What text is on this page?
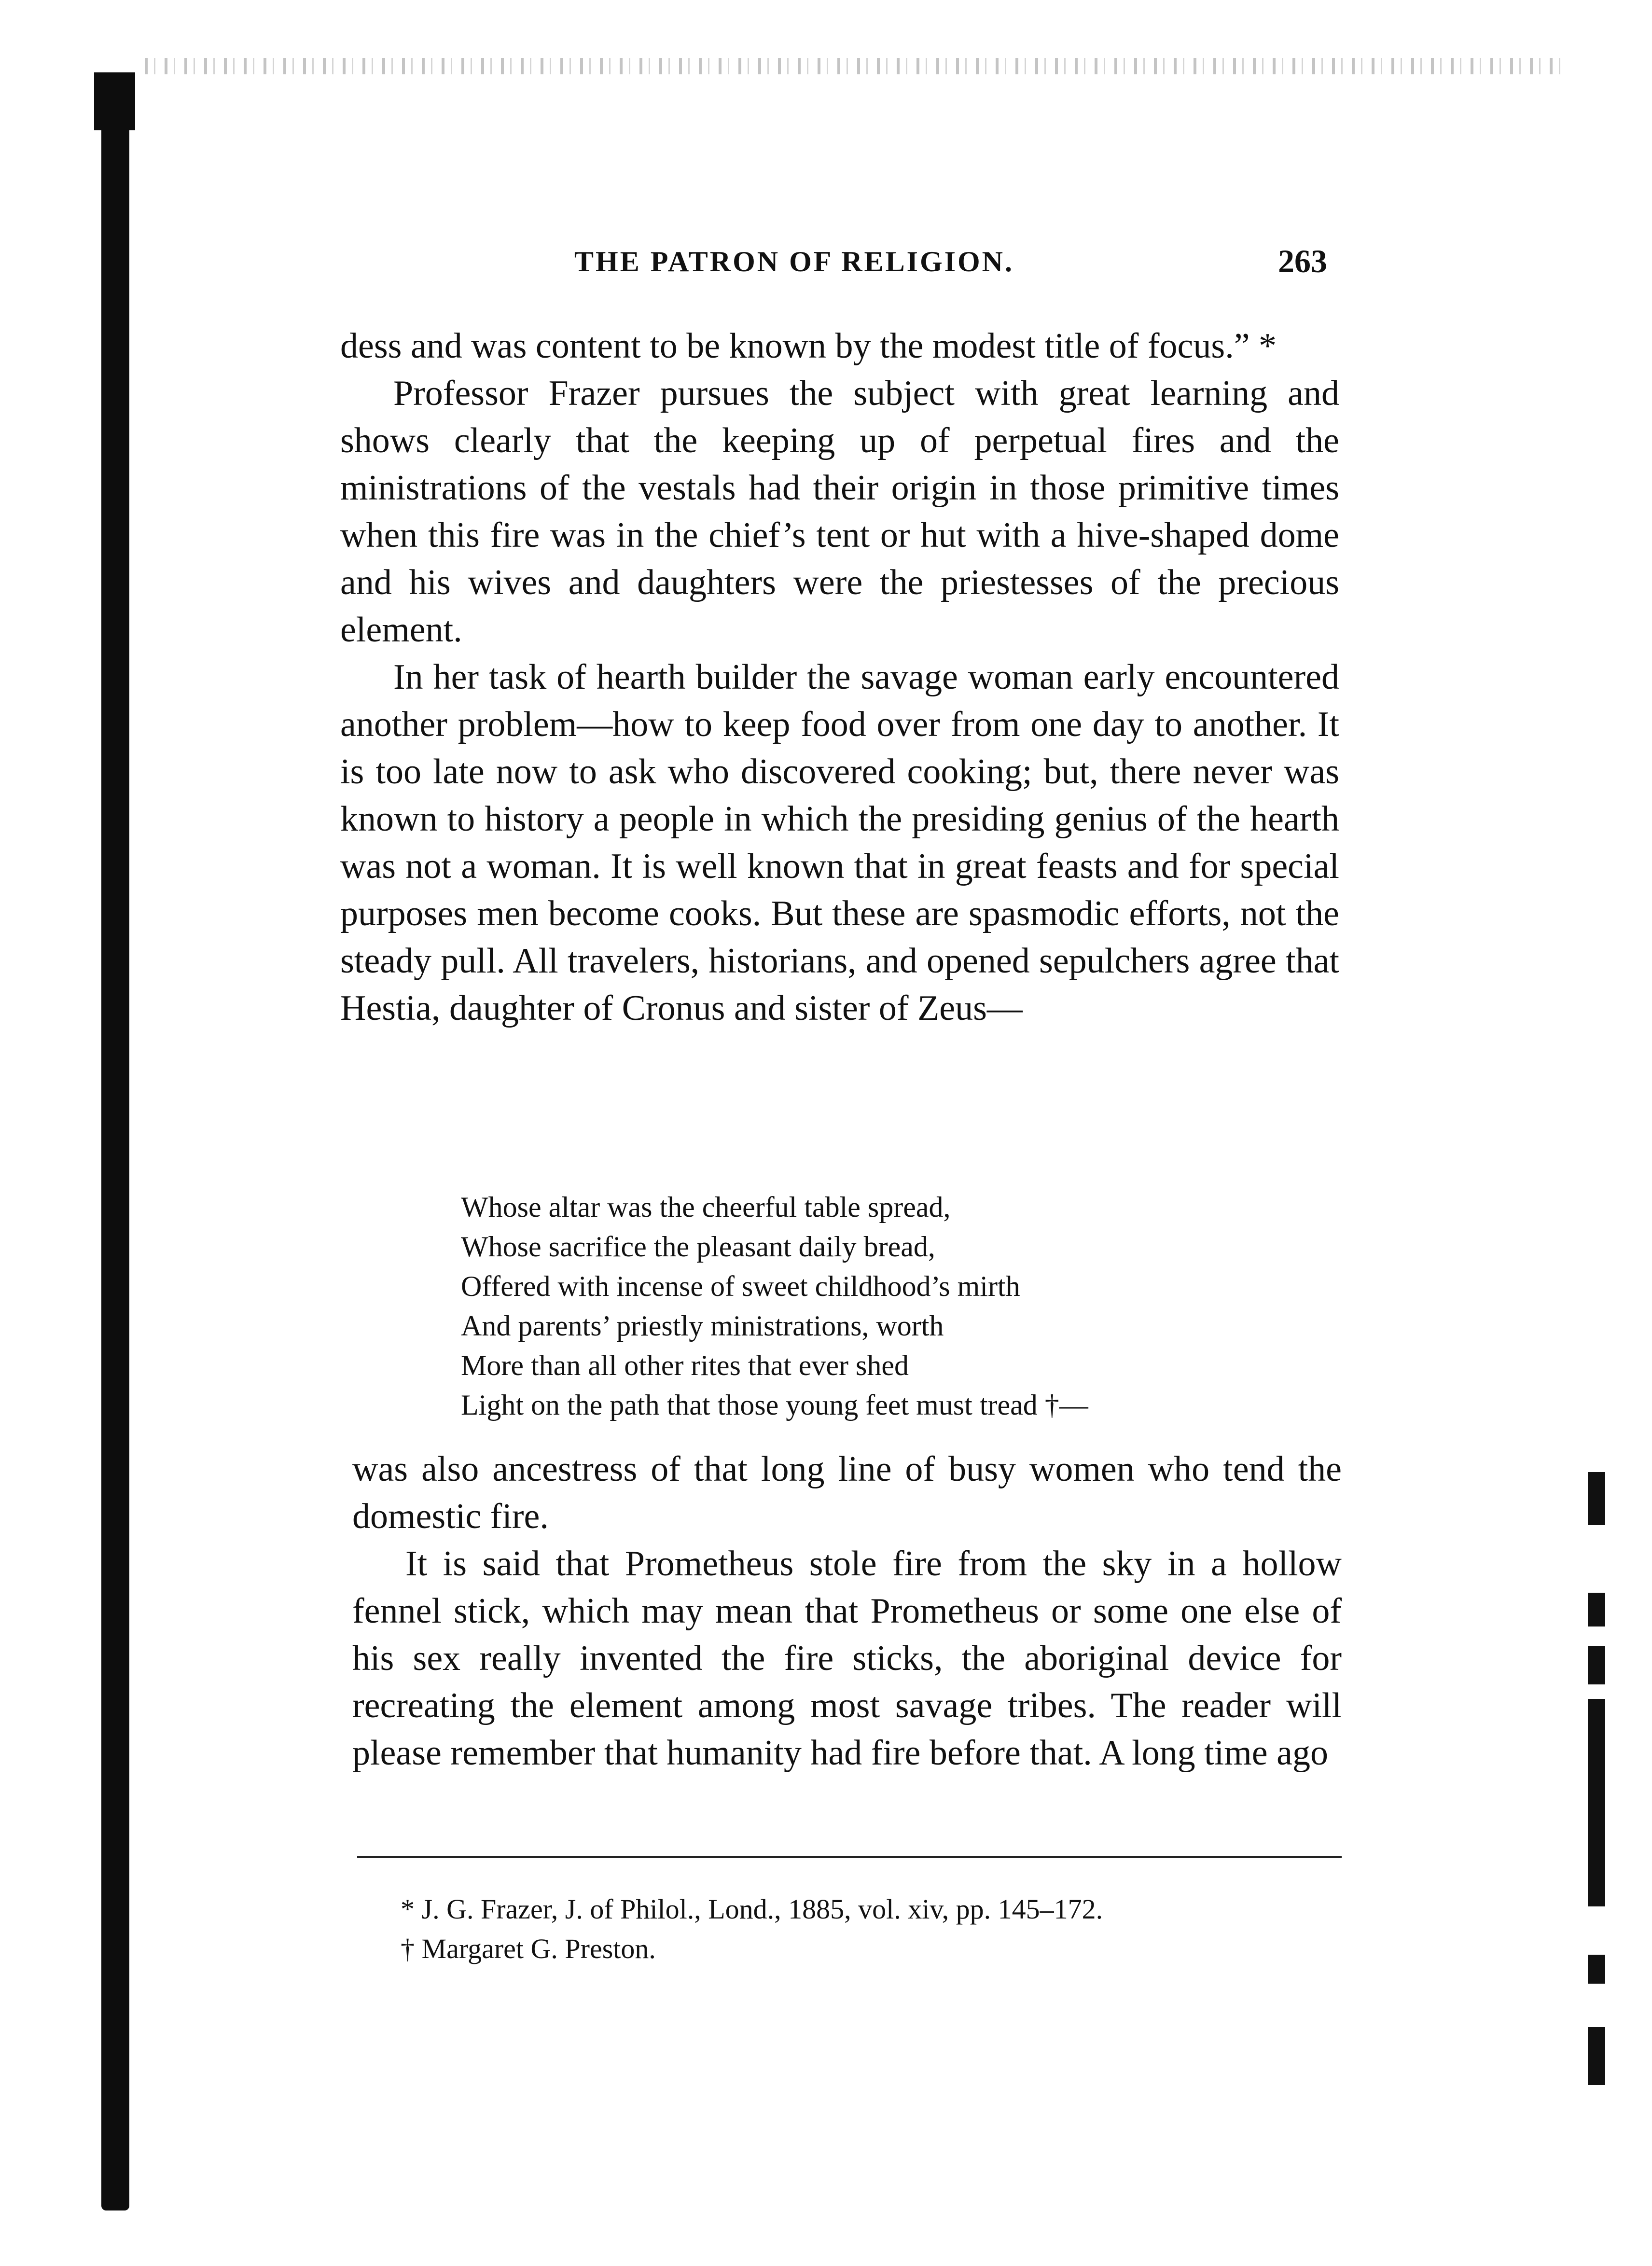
THE PATRON OF RELIGION.	263

dess and was content to be known by the modest title of focus.” *

Professor Frazer pursues the subject with great learning and shows clearly that the keeping up of perpetual fires and the ministrations of the vestals had their origin in those primitive times when this fire was in the chief’s tent or hut with a hive-shaped dome and his wives and daughters were the priestesses of the precious element.

In her task of hearth builder the savage woman early encountered another problem—how to keep food over from one day to another. It is too late now to ask who discovered cooking; but, there never was known to history a people in which the presiding genius of the hearth was not a woman. It is well known that in great feasts and for special purposes men become cooks. But these are spasmodic efforts, not the steady pull. All travelers, historians, and opened sepulchers agree that Hestia, daughter of Cronus and sister of Zeus—

Whose altar was the cheerful table spread,
Whose sacrifice the pleasant daily bread,
Offered with incense of sweet childhood’s mirth
And parents’ priestly ministrations, worth
More than all other rites that ever shed
Light on the path that those young feet must tread †—

was also ancestress of that long line of busy women who tend the domestic fire.

It is said that Prometheus stole fire from the sky in a hollow fennel stick, which may mean that Prometheus or some one else of his sex really invented the fire sticks, the aboriginal device for recreating the element among most savage tribes. The reader will please remember that humanity had fire before that. A long time ago

* J. G. Frazer, J. of Philol., Lond., 1885, vol. xiv, pp. 145–172.
† Margaret G. Preston.
